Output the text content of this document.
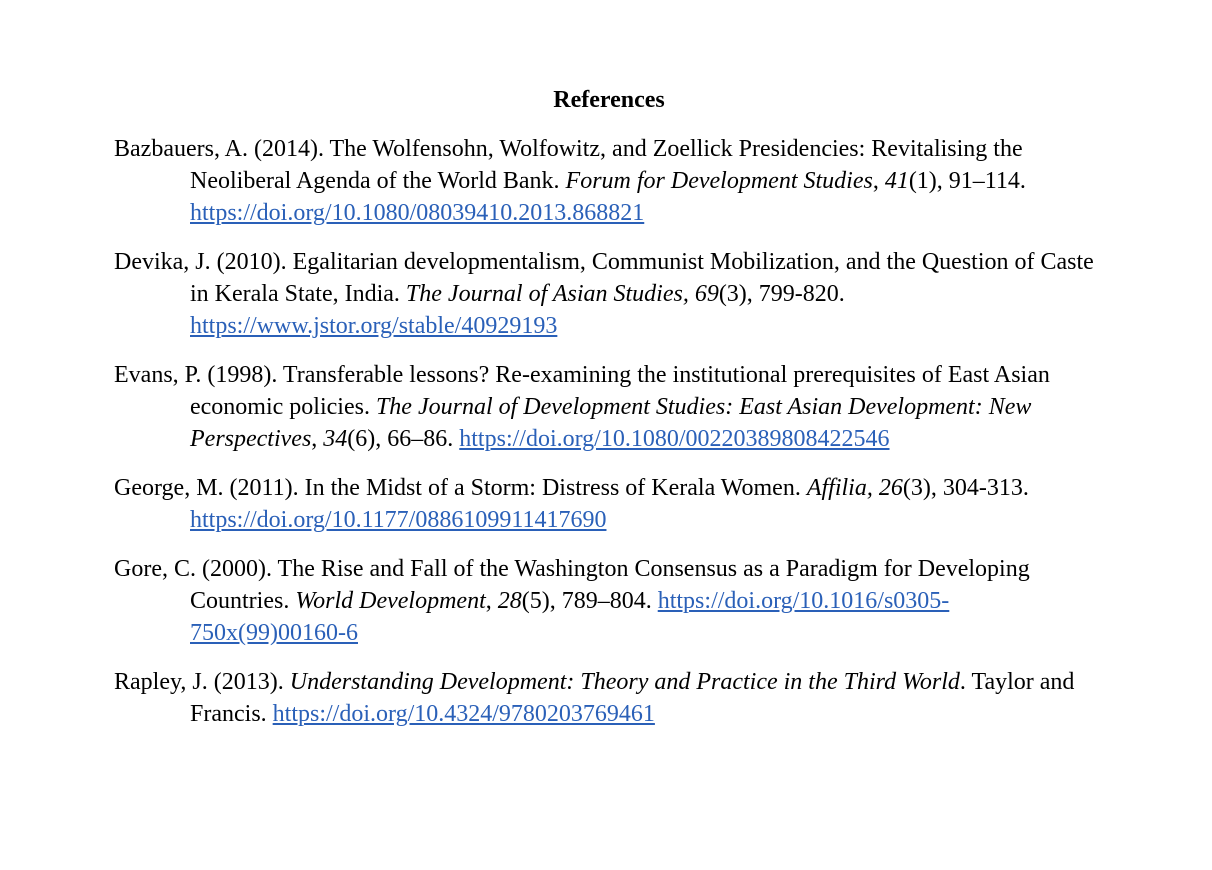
References
Bazbauers, A. (2014). The Wolfensohn, Wolfowitz, and Zoellick Presidencies: Revitalising the Neoliberal Agenda of the World Bank. Forum for Development Studies, 41(1), 91–114. https://doi.org/10.1080/08039410.2013.868821
Devika, J. (2010). Egalitarian developmentalism, Communist Mobilization, and the Question of Caste in Kerala State, India. The Journal of Asian Studies, 69(3), 799-820. https://www.jstor.org/stable/40929193
Evans, P. (1998). Transferable lessons? Re-examining the institutional prerequisites of East Asian economic policies. The Journal of Development Studies: East Asian Development: New Perspectives, 34(6), 66–86. https://doi.org/10.1080/00220389808422546
George, M. (2011). In the Midst of a Storm: Distress of Kerala Women. Affilia, 26(3), 304-313. https://doi.org/10.1177/0886109911417690
Gore, C. (2000). The Rise and Fall of the Washington Consensus as a Paradigm for Developing Countries. World Development, 28(5), 789–804. https://doi.org/10.1016/s0305-750x(99)00160-6
Rapley, J. (2013). Understanding Development: Theory and Practice in the Third World. Taylor and Francis. https://doi.org/10.4324/9780203769461
